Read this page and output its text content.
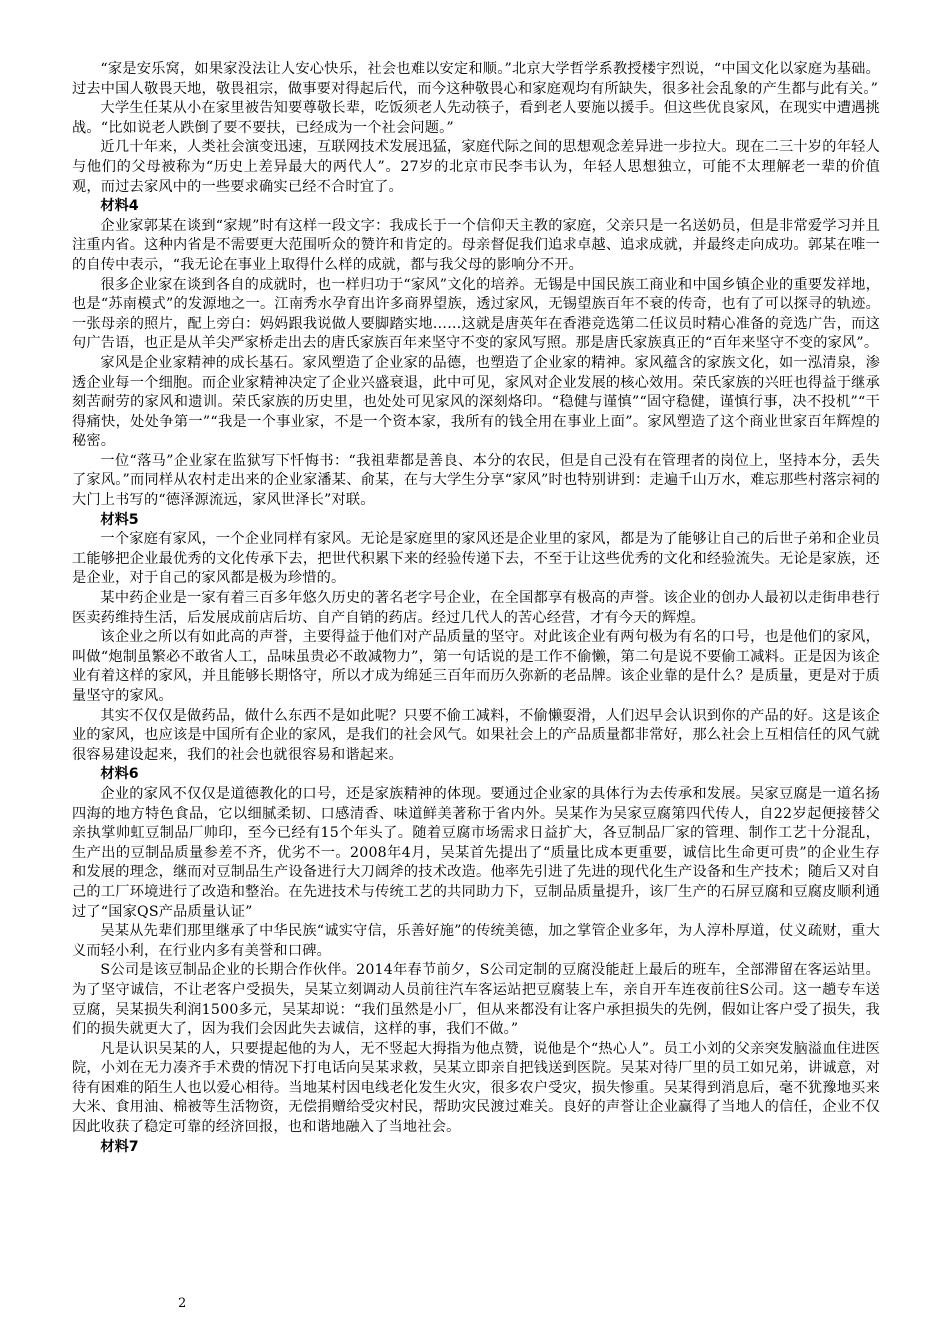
“家是安乐窝，如果家没法让人安心快乐，社会也难以安定和顺。”北京大学哲学系教授楼宇烈说，“中国文化以家庭为基础。过去中国人敬畏天地，敬畏祖宗，做事要对得起后代，而今这种敬畏心和家庭观均有所缺失，很多社会乱象的产生都与此有关。”

大学生任某从小在家里被告知要尊敬长辈，吃饭须老人先动筷子，看到老人要施以援手。但这些优良家风，在现实中遭遇挑战。“比如说老人跌倒了要不要扶，已经成为一个社会问题。”

近几十年来，人类社会演变迅速，互联网技术发展迅猛，家庭代际之间的思想观念差异进一步拉大。现在二三十岁的年轻人与他们的父母被称为“历史上差异最大的两代人”。27岁的北京市民李韦认为，年轻人思想独立，可能不太理解老一辈的价值观，而过去家风中的一些要求确实已经不合时宜了。

材料4

企业家郭某在谈到“家规”时有这样一段文字：我成长于一个信仰天主教的家庭，父亲只是一名送奶员，但是非常爱学习并且注重内省。这种内省是不需要更大范围听众的赞许和肯定的。母亲督促我们追求卓越、追求成就，并最终走向成功。郭某在唯一的自传中表示，“我无论在事业上取得什么样的成就，都与我父母的影响分不开。

很多企业家在谈到各自的成就时，也一样归功于“家风”文化的培养。无锡是中国民族工商业和中国乡镇企业的重要发祥地，也是“苏南模式”的发源地之一。江南秀水孕育出许多商界望族，透过家风，无锡望族百年不衰的传奇，也有了可以探寻的轨迹。一张母亲的照片，配上旁白：妈妈跟我说做人要脚踏实地……这就是唐英年在香港竞选第二任议员时精心准备的竞选广告，而这句广告语，也正是从羊尖严家桥走出去的唐氏家族百年来坚守不变的家风写照。那是唐氏家族真正的“百年来坚守不变的家风”。

家风是企业家精神的成长基石。家风塑造了企业家的品德，也塑造了企业家的精神。家风蕴含的家族文化，如一泓清泉，渗透企业每一个细胞。而企业家精神决定了企业兴盛衰退，此中可见，家风对企业发展的核心效用。荣氏家族的兴旺也得益于继承刻苦耐劳的家风和遗训。荣氏家族的历史里，也处处可见家风的深刻烙印。“稳健与谨慎”“固守稳健，谨慎行事，决不投机”“干得痛快，处处争第一”“我是一个事业家，不是一个资本家，我所有的钱全用在事业上面”。家风塑造了这个商业世家百年辉煌的秘密。

一位“落马”企业家在监狱写下忏悔书：“我祖辈都是善良、本分的农民，但是自己没有在管理者的岗位上，坚持本分，丢失了家风。”而同样从农村走出来的企业家潘某、俞某，在与大学生分享“家风”时也特别讲到：走遍千山万水，难忘那些村落宗祠的大门上书写的“德泽源流远，家风世泽长”对联。

材料5

一个家庭有家风，一个企业同样有家风。无论是家庭里的家风还是企业里的家风，都是为了能够让自己的后世子弟和企业员工能够把企业最优秀的文化传承下去，把世代积累下来的经验传递下去，不至于让这些优秀的文化和经验流失。无论是家族，还是企业，对于自己的家风都是极为珍惜的。

某中药企业是一家有着三百多年悠久历史的著名老字号企业，在全国都享有极高的声誉。该企业的创办人最初以走街串巷行医卖药维持生活，后发展成前店后坊、自产自销的药店。经过几代人的苦心经营，才有今天的辉煌。

该企业之所以有如此高的声誉，主要得益于他们对产品质量的坚守。对此该企业有两句极为有名的口号，也是他们的家风，叫做“炮制虽繁必不敢省人工，品味虽贵必不敢减物力”，第一句话说的是工作不偷懒，第二句是说不要偷工减料。正是因为该企业有着这样的家风，并且能够长期恪守，所以才成为绵延三百年而历久弥新的老品牌。该企业靠的是什么？是质量，更是对于质量坚守的家风。

其实不仅仅是做药品，做什么东西不是如此呢？只要不偷工减料，不偷懒耍滑，人们迟早会认识到你的产品的好。这是该企业的家风，也应该是中国所有企业的家风，是我们的社会风气。如果社会上的产品质量都非常好，那么社会上互相信任的风气就很容易建设起来，我们的社会也就很容易和谐起来。

材料6

企业的家风不仅仅是道德教化的口号，还是家族精神的体现。要通过企业家的具体行为去传承和发展。吴家豆腐是一道名扬四海的地方特色食品，它以细腻柔韧、口感清香、味道鲜美著称于省内外。吴某作为吴家豆腐第四代传人，自22岁起便接替父亲执掌帅虹豆制品厂帅印，至今已经有15个年头了。随着豆腐市场需求日益扩大，各豆制品厂家的管理、制作工艺十分混乱，生产出的豆制品质量参差不齐，优劣不一。2008年4月，吴某首先提出了“质量比成本更重要，诚信比生命更可贵”的企业生存和发展的理念，继而对豆制品生产设备进行大刀阔斧的技术改造。他率先引进了先进的现代化生产设备和生产技术；随后又对自己的工厂环境进行了改造和整治。在先进技术与传统工艺的共同助力下，豆制品质量提升，该厂生产的石屏豆腐和豆腐皮顺利通过了“国家QS产品质量认证”

吴某从先辈们那里继承了中华民族“诚实守信，乐善好施”的传统美德，加之掌管企业多年，为人淳朴厚道，仗义疏财，重大义而轻小利，在行业内多有美誉和口碑。

S公司是该豆制品企业的长期合作伙伴。2014年春节前夕，S公司定制的豆腐没能赶上最后的班车，全部滞留在客运站里。为了坚守诚信，不让老客户受损失，吴某立刻调动人员前往汽车客运站把豆腐装上车，亲自开车连夜前往S公司。这一趟专车送豆腐，吴某损失利润1500多元，吴某却说：“我们虽然是小厂，但从来都没有让客户承担损失的先例，假如让客户受了损失，我们的损失就更大了，因为我们会因此失去诚信，这样的事，我们不做。”

凡是认识吴某的人，只要提起他的为人，无不竖起大拇指为他点赞，说他是个“热心人”。员工小刘的父亲突发脑溢血住进医院，小刘在无力凑齐手术费的情况下打电话向吴某求救，吴某立即亲自把钱送到医院。吴某对待厂里的员工如兄弟，讲诚意，对待有困难的陌生人也以爱心相待。当地某村因电线老化发生火灾，很多农户受灾，损失惨重。吴某得到消息后，毫不犹豫地买来大米、食用油、棉被等生活物资，无偿捐赠给受灾村民，帮助灾民渡过难关。良好的声誉让企业赢得了当地人的信任，企业不仅因此收获了稳定可靠的经济回报，也和谐地融入了当地社会。

材料7

2
